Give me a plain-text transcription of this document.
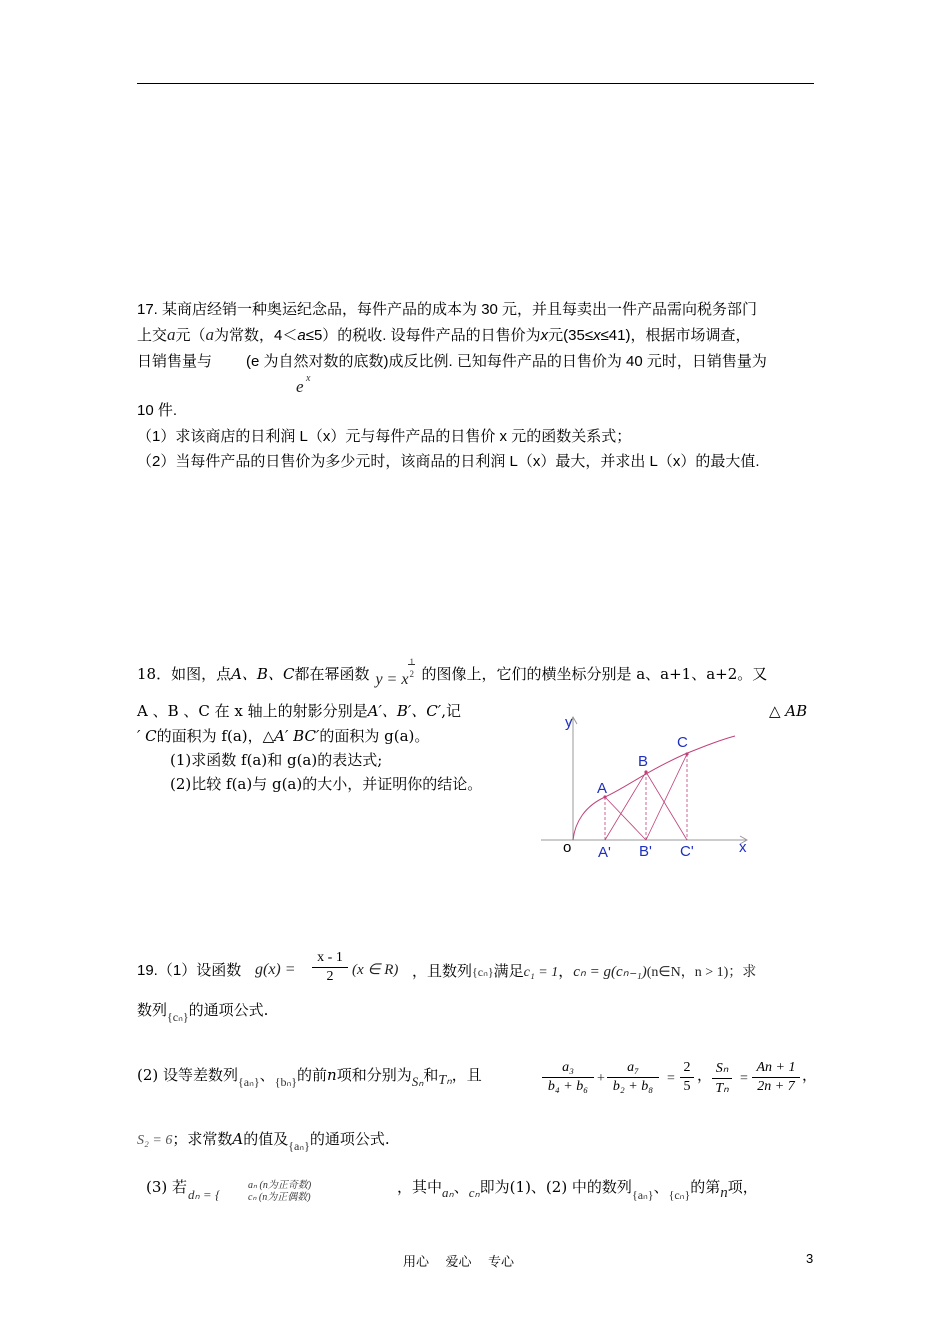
17. 某商店经销一种奥运纪念品，每件产品的成本为 30 元，并且每卖出一件产品需向税务部门
上交a元（a为常数，4＜a≤5）的税收. 设每件产品的日售价为x元(35≤x≤41)，根据市场调查，
日销售量与
e x
(e 为自然对数的底数)成反比例. 已知每件产品的日售价为 40 元时，日销售量为
10 件.
（1）求该商店的日利润 L（x）元与每件产品的日售价 x 元的函数关系式；
（2）当每件产品的日售价为多少元时，该商品的日利润 L（x）最大，并求出 L（x）的最大值.
18．如图，点A、B、C都在幂函数 y = x
1
2 的图像上，它们的横坐标分别是 a、a+1、a+2。又
A 、B 、C 在 x 轴上的射影分别是A′、B′、C′,记	△ AB
′ C的面积为 f(a)，△A′ BC′的面积为 g(a)。
(1)求函数 f(a)和 g(a)的表达式;
(2)比较 f(a)与 g(a)的大小，并证明你的结论。
y
x
o
A
B
C
A' B' C'
19.（1）设函数 g(x) =
x - 1
2	(x ∈ R) ，且数列{cₙ}满足c₁ = 1，cₙ = g(cₙ₋₁)(n∈N，n > 1)；求
数列$_{\{c_n\}}$的通项公式.
(2) 设等差数列$_{\{a_n\}}$、$_{\{b_n\}}$的前n项和分别为Sₙ和Tₙ，且	a₃
b₄ + b₆
+
a₇
b₂ + b₈
=
2
5
， Sₙ
Tₙ
=
An + 1
2n + 7
，
S₂ = 6；求常数A的值及$_{\{a_n\}}$的通项公式.
(3) 若 dₙ = {
aₙ (n为正奇数)
cₙ (n为正偶数)
，其中aₙ、cₙ即为(1)、(2) 中的数列$_{\{a_n\}}$、$_{\{c_n\}}$的第n项，
用心    爱心    专心	3
